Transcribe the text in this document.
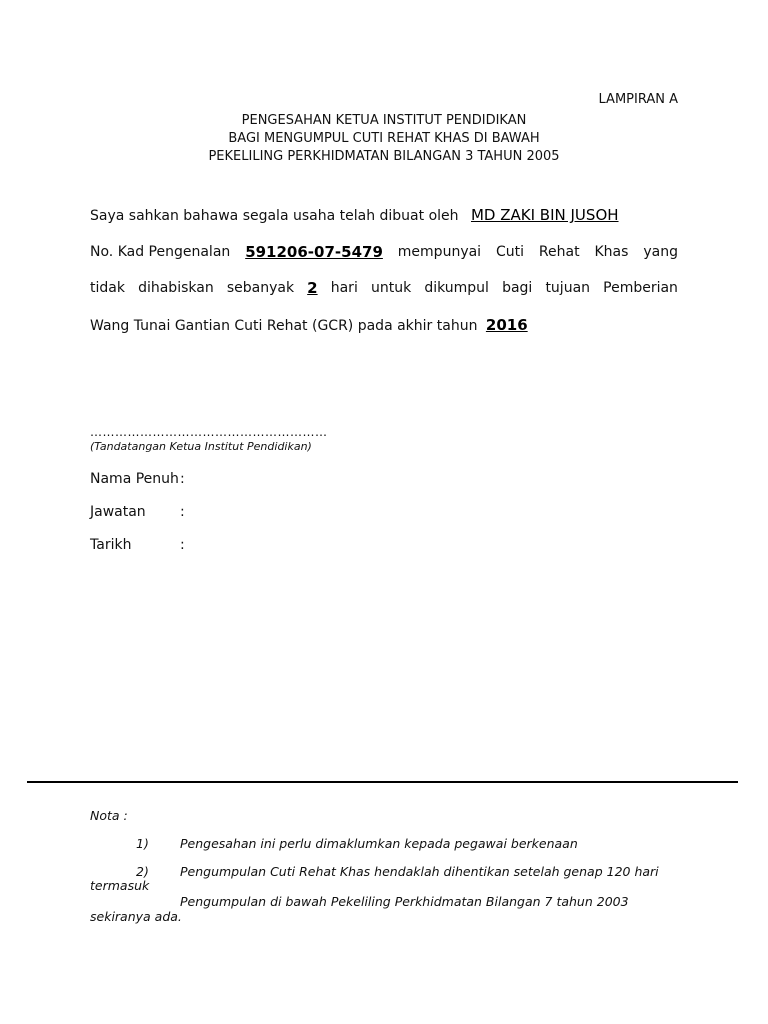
LAMPIRAN A
PENGESAHAN KETUA INSTITUT PENDIDIKAN
BAGI MENGUMPUL CUTI REHAT KHAS DI BAWAH
PEKELILING PERKHIDMATAN BILANGAN 3 TAHUN 2005
Saya sahkan bahawa segala usaha telah dibuat oleh MD ZAKI BIN JUSOH
No. Kad Pengenalan 591206-07-5479 mempunyai Cuti Rehat Khas yang
tidak dihabiskan sebanyak 2 hari untuk dikumpul bagi tujuan Pemberian
Wang Tunai Gantian Cuti Rehat (GCR) pada akhir tahun 2016
…………………………………………………
(Tandatangan Ketua Institut Pendidikan)
Nama Penuh :
Jawatan :
Tarikh	:
Nota :
1) Pengesahan ini perlu dimaklumkan kepada pegawai berkenaan
2) Pengumpulan Cuti Rehat Khas hendaklah dihentikan setelah genap 120 hari
termasuk
Pengumpulan di bawah Pekeliling Perkhidmatan Bilangan 7 tahun 2003
sekiranya ada.
